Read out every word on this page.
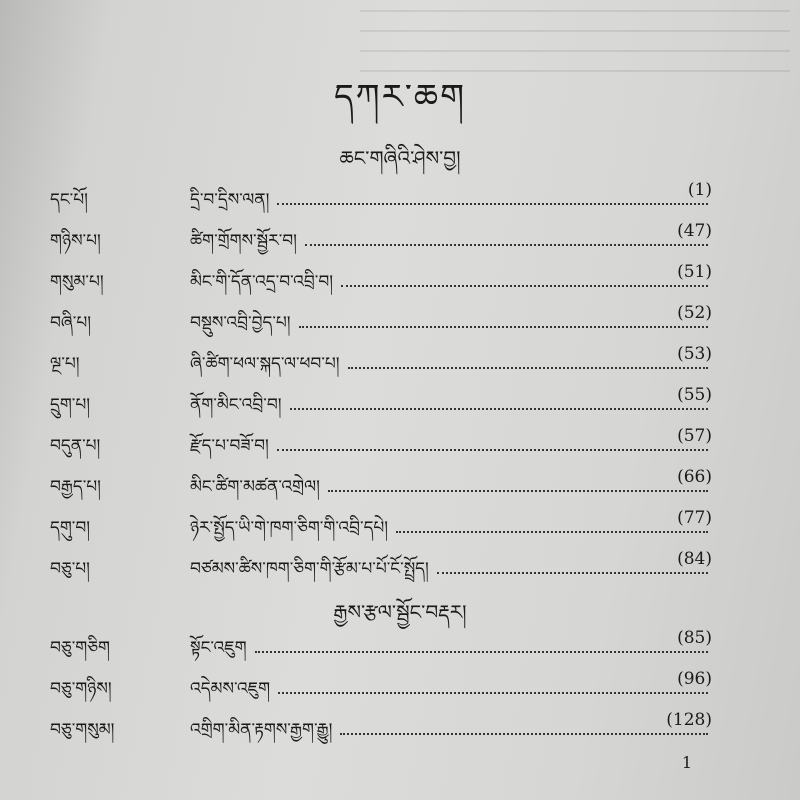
དཀར་ཆག
ཆང་གཞིའི་ཤེས་བྱ།
དང་པོ།	དྲི་བ་དྲིས་ལན།	(1)
གཉིས་པ།	ཚིག་གྲོགས་སྦྱོར་བ།	(47)
གསུམ་པ།	མིང་གི་དོན་འདྲ་བ་འབྲི་བ།	(51)
བཞི་པ།	བསྡུས་འབྲི་བྱེད་པ།	(52)
ལྔ་པ།	ཞི་ཚིག་ཕལ་སྐད་ལ་ཕབ་པ།	(53)
དྲུག་པ།	ནོག་མིང་འབྲི་བ།	(55)
བདུན་པ།	རྫོད་པ་བཟོ་བ།	(57)
བརྒྱད་པ།	མིང་ཚིག་མཚན་འགྲེལ།	(66)
དགུ་བ།	ཉེར་སྤྱོད་ཡི་གེ་ཁག་ཅིག་གི་འབྲི་དཔེ།	(77)
བཅུ་པ།	བཙམས་ཚིས་ཁག་ཅིག་གི་རྩོམ་པ་པོ་ངོ་སྤྲོད།	(84)
རྒྱས་རྩལ་སྦྱོང་བརྡར།
བཅུ་གཅིག	སྟོང་འཇུག	(85)
བཅུ་གཉིས།	འདེམས་འཇུག	(96)
བཅུ་གསུམ།	འགྲིག་མིན་རྟགས་རྒྱག་རྒྱུ།	(128)
1
